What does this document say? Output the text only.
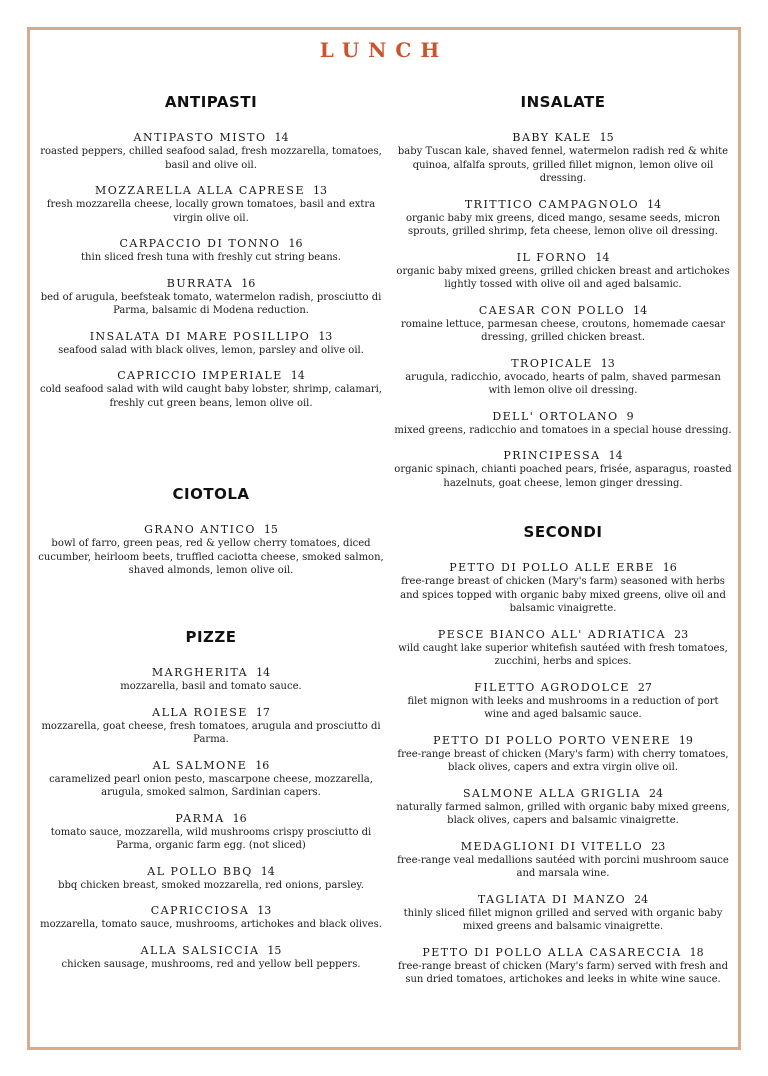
LUNCH
ANTIPASTI
ANTIPASTO MISTO 14
roasted peppers, chilled seafood salad, fresh mozzarella, tomatoes, basil and olive oil.
MOZZARELLA ALLA CAPRESE 13
fresh mozzarella cheese, locally grown tomatoes, basil and extra virgin olive oil.
CARPACCIO DI TONNO 16
thin sliced fresh tuna with freshly cut string beans.
BURRATA 16
bed of arugula, beefsteak tomato, watermelon radish, prosciutto di Parma, balsamic di Modena reduction.
INSALATA DI MARE POSILLIPO 13
seafood salad with black olives, lemon, parsley and olive oil.
CAPRICCIO IMPERIALE 14
cold seafood salad with wild caught baby lobster, shrimp, calamari, freshly cut green beans, lemon olive oil.
CIOTOLA
GRANO ANTICO 15
bowl of farro, green peas, red & yellow cherry tomatoes, diced cucumber, heirloom beets, truffled caciotta cheese, smoked salmon, shaved almonds, lemon olive oil.
PIZZE
MARGHERITA 14
mozzarella, basil and tomato sauce.
ALLA ROIESE 17
mozzarella, goat cheese, fresh tomatoes, arugula and prosciutto di Parma.
AL SALMONE 16
caramelized pearl onion pesto, mascarpone cheese, mozzarella, arugula, smoked salmon, Sardinian capers.
PARMA 16
tomato sauce, mozzarella, wild mushrooms crispy prosciutto di Parma, organic farm egg. (not sliced)
AL POLLO BBQ 14
bbq chicken breast, smoked mozzarella, red onions, parsley.
CAPRICCIOSA 13
mozzarella, tomato sauce, mushrooms, artichokes and black olives.
ALLA SALSICCIA 15
chicken sausage, mushrooms, red and yellow bell peppers.
INSALATE
BABY KALE 15
baby Tuscan kale, shaved fennel, watermelon radish red & white quinoa, alfalfa sprouts, grilled fillet mignon, lemon olive oil dressing.
TRITTICO CAMPAGNOLO 14
organic baby mix greens, diced mango, sesame seeds, micron sprouts, grilled shrimp, feta cheese, lemon olive oil dressing.
IL FORNO 14
organic baby mixed greens, grilled chicken breast and artichokes lightly tossed with olive oil and aged balsamic.
CAESAR CON POLLO 14
romaine lettuce, parmesan cheese, croutons, homemade caesar dressing, grilled chicken breast.
TROPICALE 13
arugula, radicchio, avocado, hearts of palm, shaved parmesan with lemon olive oil dressing.
DELL' ORTOLANO 9
mixed greens, radicchio and tomatoes in a special house dressing.
PRINCIPESSA 14
organic spinach, chianti poached pears, frisée, asparagus, roasted hazelnuts, goat cheese, lemon ginger dressing.
SECONDI
PETTO DI POLLO ALLE ERBE 16
free-range breast of chicken (Mary's farm) seasoned with herbs and spices topped with organic baby mixed greens, olive oil and balsamic vinaigrette.
PESCE BIANCO ALL' ADRIATICA 23
wild caught lake superior whitefish sautéed with fresh tomatoes, zucchini, herbs and spices.
FILETTO AGRODOLCE 27
filet mignon with leeks and mushrooms in a reduction of port wine and aged balsamic sauce.
PETTO DI POLLO PORTO VENERE 19
free-range breast of chicken (Mary's farm) with cherry tomatoes, black olives, capers and extra virgin olive oil.
SALMONE ALLA GRIGLIA 24
naturally farmed salmon, grilled with organic baby mixed greens, black olives, capers and balsamic vinaigrette.
MEDAGLIONI DI VITELLO 23
free-range veal medallions sautéed with porcini mushroom sauce and marsala wine.
TAGLIATA DI MANZO 24
thinly sliced fillet mignon grilled and served with organic baby mixed greens and balsamic vinaigrette.
PETTO DI POLLO ALLA CASARECCIA 18
free-range breast of chicken (Mary's farm) served with fresh and sun dried tomatoes, artichokes and leeks in white wine sauce.
